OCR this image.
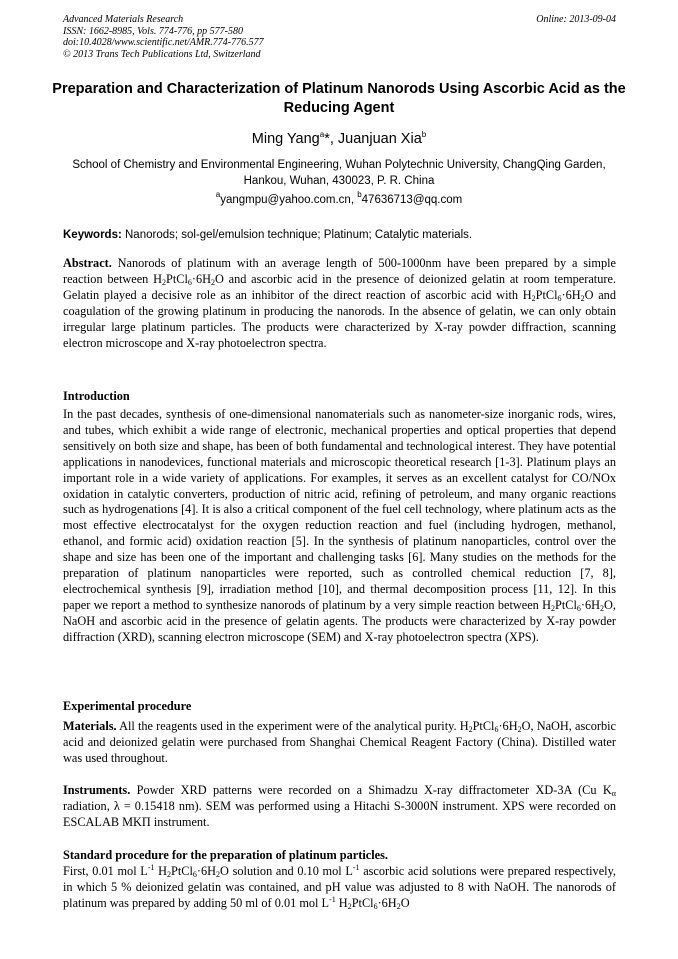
Advanced Materials Research
ISSN: 1662-8985, Vols. 774-776, pp 577-580
doi:10.4028/www.scientific.net/AMR.774-776.577
© 2013 Trans Tech Publications Ltd, Switzerland
Online: 2013-09-04
Preparation and Characterization of Platinum Nanorods Using Ascorbic Acid as the Reducing Agent
Ming Yang$^a$*, Juanjuan Xia$^b$
School of Chemistry and Environmental Engineering, Wuhan Polytechnic University, ChangQing Garden, Hankou, Wuhan, 430023, P. R. China
$^a$yangmpu@yahoo.com.cn, $^b$47636713@qq.com
Keywords: Nanorods; sol-gel/emulsion technique; Platinum; Catalytic materials.
Abstract. Nanorods of platinum with an average length of 500-1000nm have been prepared by a simple reaction between $H_2PtCl_6\cdot 6H_2O$ and ascorbic acid in the presence of deionized gelatin at room temperature. Gelatin played a decisive role as an inhibitor of the direct reaction of ascorbic acid with $H_2PtCl_6\cdot 6H_2O$ and coagulation of the growing platinum in producing the nanorods. In the absence of gelatin, we can only obtain irregular large platinum particles. The products were characterized by X-ray powder diffraction, scanning electron microscope and X-ray photoelectron spectra.
Introduction
In the past decades, synthesis of one-dimensional nanomaterials such as nanometer-size inorganic rods, wires, and tubes, which exhibit a wide range of electronic, mechanical properties and optical properties that depend sensitively on both size and shape, has been of both fundamental and technological interest. They have potential applications in nanodevices, functional materials and microscopic theoretical research [1-3]. Platinum plays an important role in a wide variety of applications. For examples, it serves as an excellent catalyst for CO/NOx oxidation in catalytic converters, production of nitric acid, refining of petroleum, and many organic reactions such as hydrogenations [4]. It is also a critical component of the fuel cell technology, where platinum acts as the most effective electrocatalyst for the oxygen reduction reaction and fuel (including hydrogen, methanol, ethanol, and formic acid) oxidation reaction [5]. In the synthesis of platinum nanoparticles, control over the shape and size has been one of the important and challenging tasks [6]. Many studies on the methods for the preparation of platinum nanoparticles were reported, such as controlled chemical reduction [7, 8], electrochemical synthesis [9], irradiation method [10], and thermal decomposition process [11, 12]. In this paper we report a method to synthesize nanorods of platinum by a very simple reaction between $H_2PtCl_6\cdot 6H_2O$, NaOH and ascorbic acid in the presence of gelatin agents. The products were characterized by X-ray powder diffraction (XRD), scanning electron microscope (SEM) and X-ray photoelectron spectra (XPS).
Experimental procedure
Materials. All the reagents used in the experiment were of the analytical purity. $H_2PtCl_6\cdot 6H_2O$, NaOH, ascorbic acid and deionized gelatin were purchased from Shanghai Chemical Reagent Factory (China). Distilled water was used throughout.
Instruments. Powder XRD patterns were recorded on a Shimadzu X-ray diffractometer XD-3A (Cu $K_\alpha$ radiation, λ = 0.15418 nm). SEM was performed using a Hitachi S-3000N instrument. XPS were recorded on ESCALAB MKП instrument.
Standard procedure for the preparation of platinum particles.
First, 0.01 mol $L^{-1}$ $H_2PtCl_6\cdot 6H_2O$ solution and 0.10 mol $L^{-1}$ ascorbic acid solutions were prepared respectively, in which 5 % deionized gelatin was contained, and pH value was adjusted to 8 with NaOH. The nanorods of platinum was prepared by adding 50 ml of 0.01 mol $L^{-1}$ $H_2PtCl_6\cdot 6H_2O$
